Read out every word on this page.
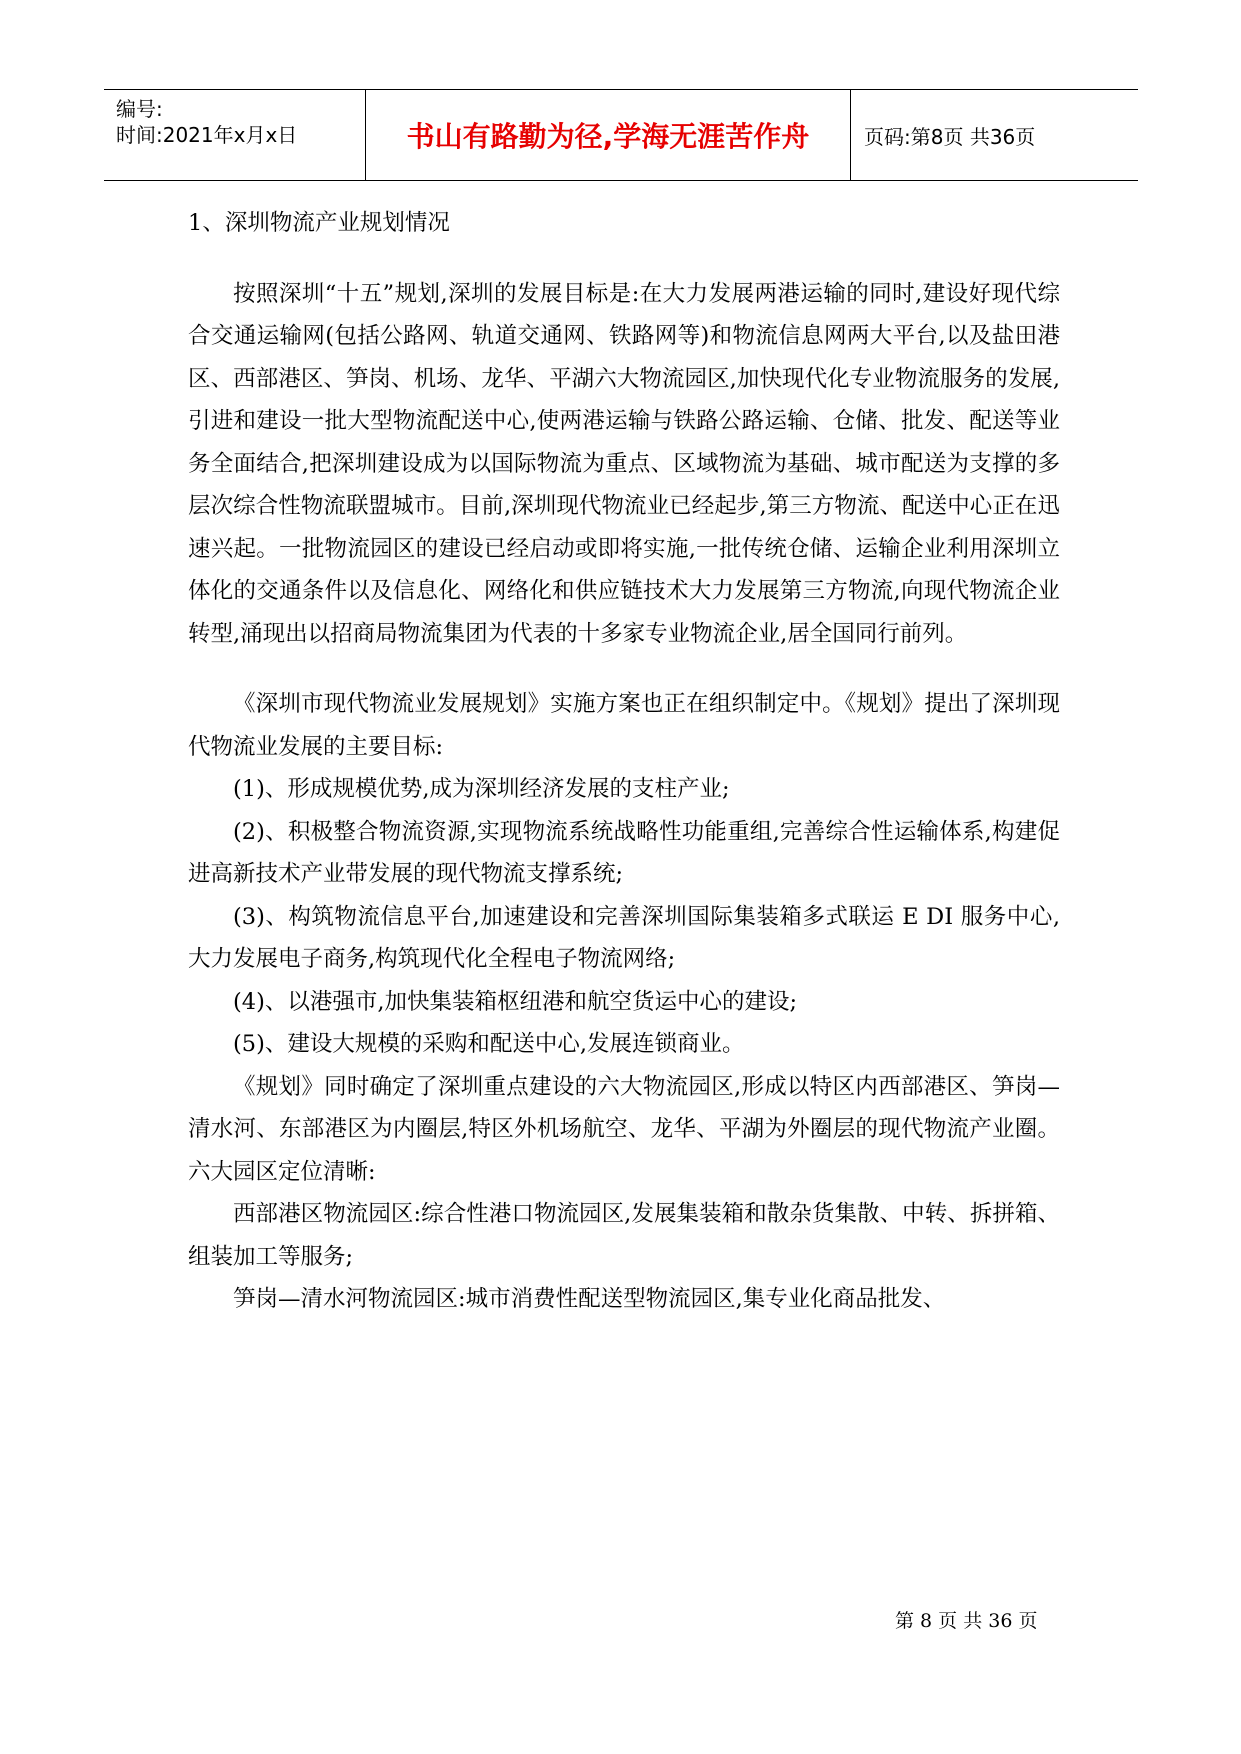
编号:
时间:2021年x月x日	书山有路勤为径,学海无涯苦作舟	页码:第8页 共36页

1、深圳物流产业规划情况

按照深圳“十五”规划,深圳的发展目标是:在大力发展两港运输的同时,建设好现代综合交通运输网(包括公路网、轨道交通网、铁路网等)和物流信息网两大平台,以及盐田港区、西部港区、笋岗、机场、龙华、平湖六大物流园区,加快现代化专业物流服务的发展,引进和建设一批大型物流配送中心,使两港运输与铁路公路运输、仓储、批发、配送等业务全面结合,把深圳建设成为以国际物流为重点、区域物流为基础、城市配送为支撑的多层次综合性物流联盟城市。目前,深圳现代物流业已经起步,第三方物流、配送中心正在迅速兴起。一批物流园区的建设已经启动或即将实施,一批传统仓储、运输企业利用深圳立体化的交通条件以及信息化、网络化和供应链技术大力发展第三方物流,向现代物流企业转型,涌现出以招商局物流集团为代表的十多家专业物流企业,居全国同行前列。

《深圳市现代物流业发展规划》实施方案也正在组织制定中。《规划》提出了深圳现代物流业发展的主要目标:

(1)、形成规模优势,成为深圳经济发展的支柱产业;

(2)、积极整合物流资源,实现物流系统战略性功能重组,完善综合性运输体系,构建促进高新技术产业带发展的现代物流支撑系统;

(3)、构筑物流信息平台,加速建设和完善深圳国际集装箱多式联运 E DI 服务中心,大力发展电子商务,构筑现代化全程电子物流网络;

(4)、以港强市,加快集装箱枢纽港和航空货运中心的建设;

(5)、建设大规模的采购和配送中心,发展连锁商业。

《规划》同时确定了深圳重点建设的六大物流园区,形成以特区内西部港区、笋岗—清水河、东部港区为内圈层,特区外机场航空、龙华、平湖为外圈层的现代物流产业圈。六大园区定位清晰:

西部港区物流园区:综合性港口物流园区,发展集装箱和散杂货集散、中转、拆拼箱、组装加工等服务;

笋岗—清水河物流园区:城市消费性配送型物流园区,集专业化商品批发、

第 8 页 共 36 页
